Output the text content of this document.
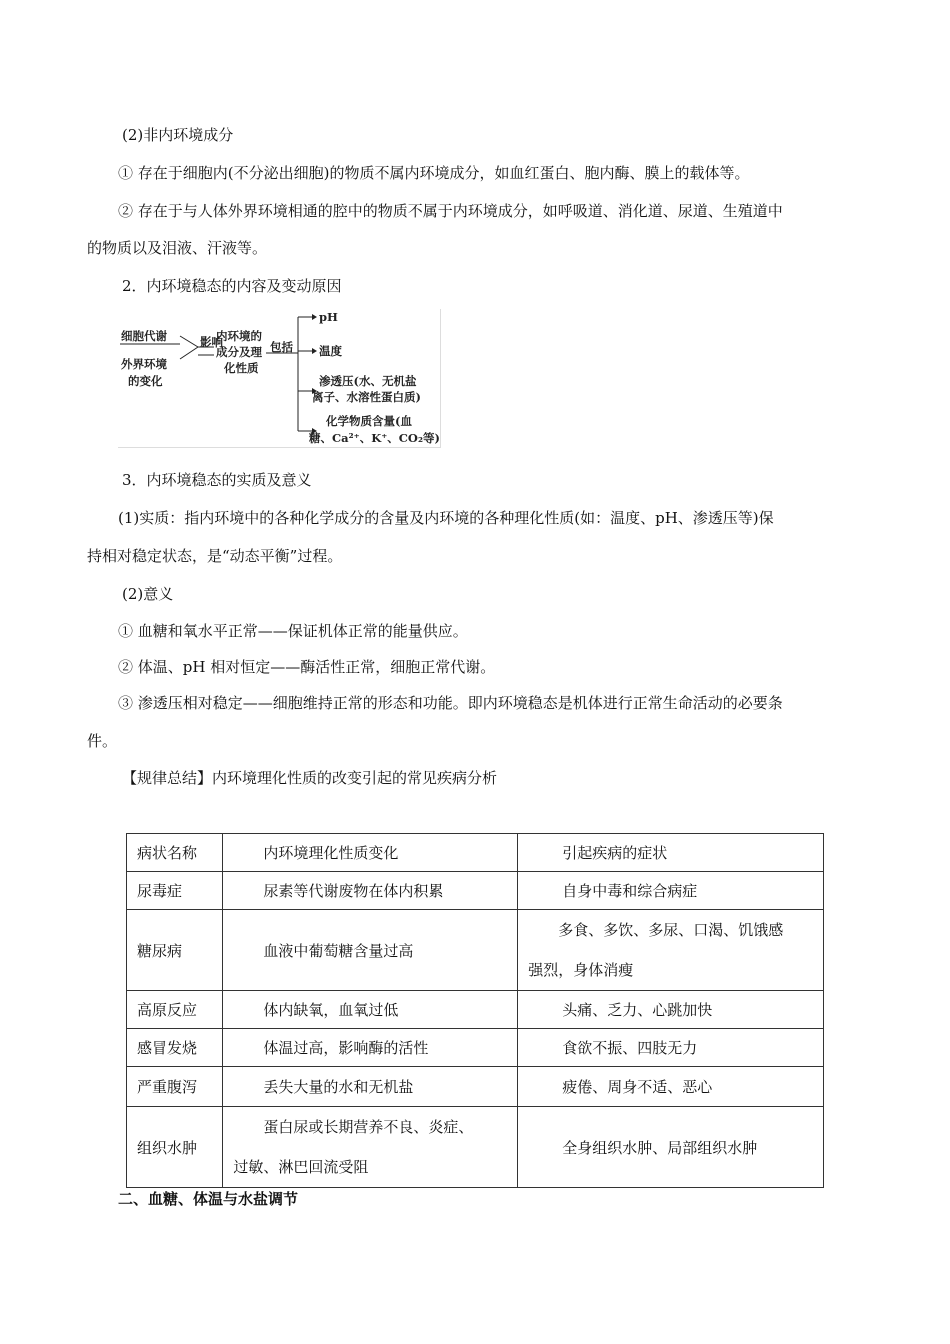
(2)非内环境成分
① 存在于细胞内(不分泌出细胞)的物质不属内环境成分，如血红蛋白、胞内酶、膜上的载体等。
② 存在于与人体外界环境相通的腔中的物质不属于内环境成分，如呼吸道、消化道、尿道、生殖道中
的物质以及泪液、汗液等。
2．内环境稳态的内容及变动原因
细胞代谢
外界环境
的变化
影响
内环境的
成分及理
化性质
包括
pH
温度
渗透压(水、无机盐
离子、水溶性蛋白质)
化学物质含量(血
糖、Ca²⁺、K⁺、CO₂等)
3．内环境稳态的实质及意义
(1)实质：指内环境中的各种化学成分的含量及内环境的各种理化性质(如：温度、pH、渗透压等)保
持相对稳定状态，是“动态平衡”过程。
(2)意义
① 血糖和氧水平正常——保证机体正常的能量供应。
② 体温、pH 相对恒定——酶活性正常，细胞正常代谢。
③ 渗透压相对稳定——细胞维持正常的形态和功能。即内环境稳态是机体进行正常生命活动的必要条
件。
【规律总结】内环境理化性质的改变引起的常见疾病分析
病状名称	内环境理化性质变化	引起疾病的症状
尿毒症	尿素等代谢废物在体内积累	自身中毒和综合病症
糖尿病	血液中葡萄糖含量过高	多食、多饮、多尿、口渴、饥饿感
强烈，身体消瘦
高原反应	体内缺氧，血氧过低	头痛、乏力、心跳加快
感冒发烧	体温过高，影响酶的活性	食欲不振、四肢无力
严重腹泻	丢失大量的水和无机盐	疲倦、周身不适、恶心
组织水肿	蛋白尿或长期营养不良、炎症、
过敏、淋巴回流受阻	全身组织水肿、局部组织水肿
二、血糖、体温与水盐调节
